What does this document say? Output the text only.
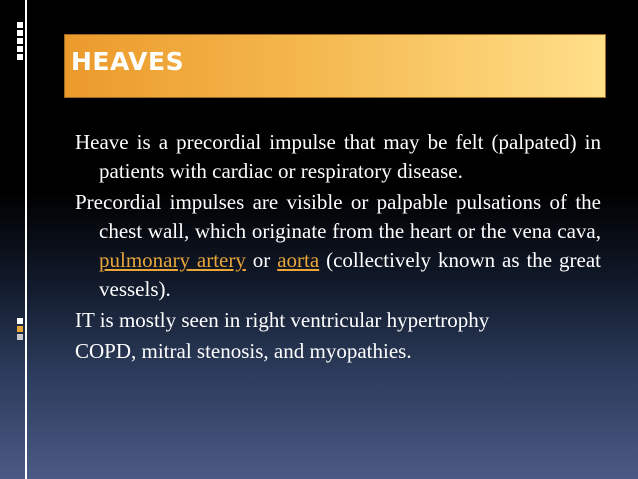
HEAVES

Heave is a precordial impulse that may be felt (palpated) in patients with cardiac or respiratory disease.

Precordial impulses are visible or palpable pulsations of the chest wall, which originate from the heart or the vena cava, pulmonary artery or aorta (collectively known as the great vessels).

IT is mostly seen in right ventricular hypertrophy

COPD, mitral stenosis, and myopathies.
